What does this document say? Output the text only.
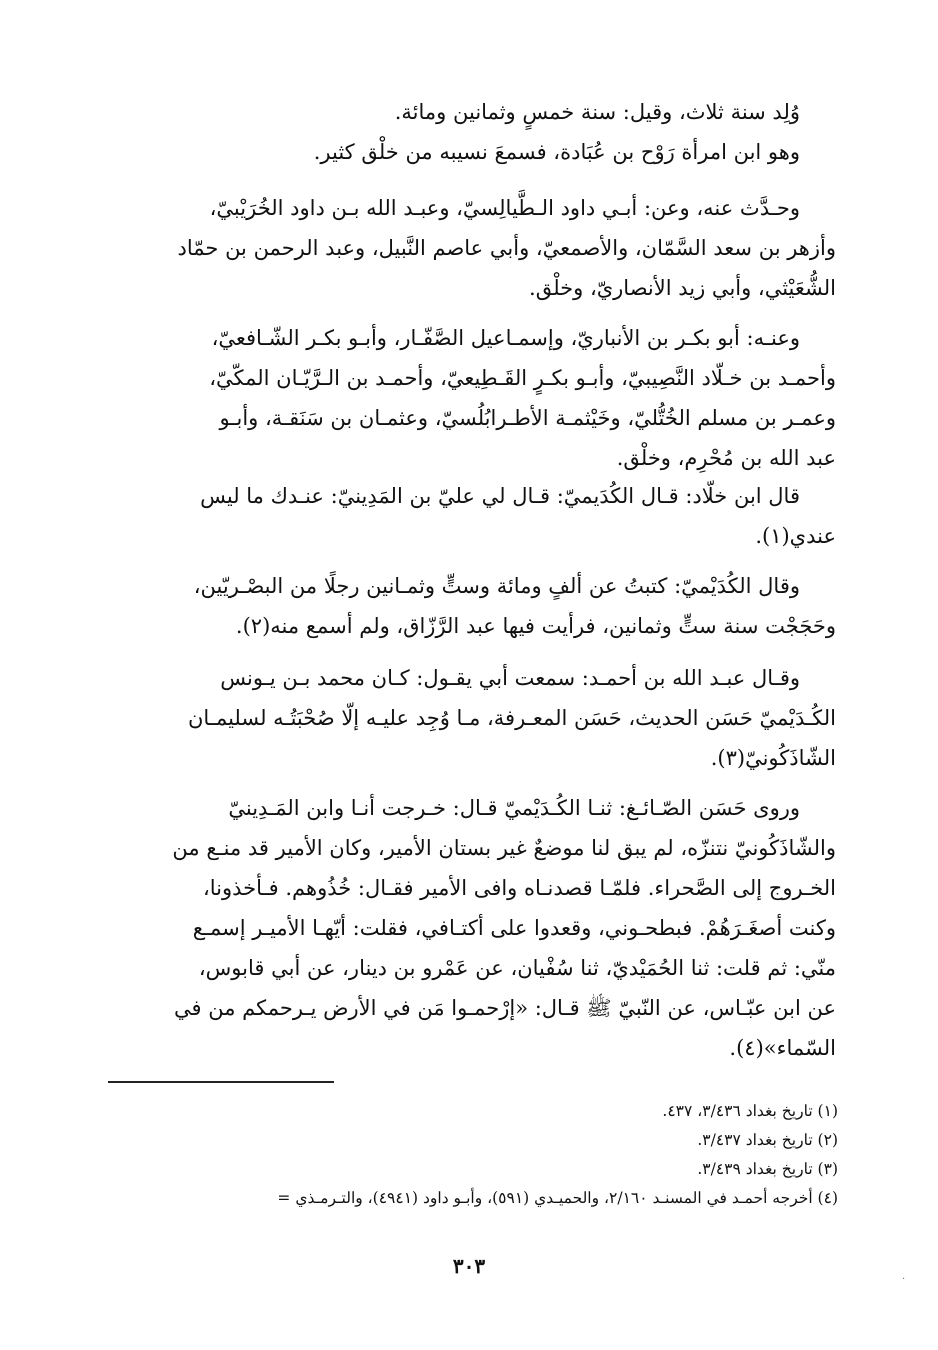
وُلِد سنة ثلاث، وقيل: سنة خمسٍ وثمانين ومائة.
وهو ابن امرأة رَوْح بن عُبَادة، فسمعَ نسيبه من خلْق كثير.
وحـدَّث عنه، وعن: أبـي داود الـطَّيالِسيّ، وعبـد الله بـن داود الخُرَيْبيّ،
وأزهر بن سعد السَّمّان، والأصمعيّ، وأبي عاصم النَّبيل، وعبد الرحمن بن حمّاد
الشُّعَيْثي، وأبي زيد الأنصاريّ، وخلْق.
وعنـه: أبو بكـر بن الأنباريّ، وإسمـاعيل الصَّفّـار، وأبـو بكـر الشّـافعيّ،
وأحمـد بن خـلّاد النَّصِيبيّ، وأبـو بكـرٍ القَـطِيعيّ، وأحمـد بن الـرَّيّـان المكّيّ،
وعمـر بن مسلم الخُتُّليّ، وخَيْثمـة الأطـرابُلُسيّ، وعثمـان بن سَنَقـة، وأبـو
عبد الله بن مُحْرِم، وخلْق.
قال ابن خلّاد: قـال الكُدَيميّ: قـال لي عليّ بن المَدِينيّ: عنـدك ما ليس
عندي(١).
وقال الكُدَيْميّ: كتبتُ عن ألفٍ ومائة وستٍّ وثمـانين رجلًا من البصْـريّين،
وحَجَجْت سنة ستٍّ وثمانين، فرأيت فيها عبد الرَّزّاق، ولم أسمع منه(٢).
وقـال عبـد الله بن أحمـد: سمعت أبي يقـول: كـان محمد بـن يـونس
الكُـدَيْميّ حَسَن الحديث، حَسَن المعـرفة، مـا وُجِد عليـه إلّا صُحْبَتُـه لسليمـان
الشّاذَكُونيّ(٣).
وروى حَسَن الصّـائـغ: ثنـا الكُـدَيْميّ قـال: خـرجت أنـا وابن المَـدِينيّ
والشّاذَكُونيّ نتنزّه، لم يبق لنا موضعٌ غير بستان الأمير، وكان الأمير قد منـع من
الخـروج إلى الصَّحراء. فلمّـا قصدنـاه وافى الأمير فقـال: خُذُوهم. فـأخذونا،
وكنت أصغَـرَهُمْ. فبطحـوني، وقعدوا على أكتـافي، فقلت: أيّهـا الأميـر إسمـع
منّي: ثم قلت: ثنا الحُمَيْديّ، ثنا سُفْيان، عن عَمْرو بن دينار، عن أبي قابوس،
عن ابن عبّـاس، عن النّبيّ ﷺ قـال: «إرْحمـوا مَن في الأرض يـرحمكم من في
السّماء»(٤).
(١) تاريخ بغداد ٣/٤٣٦، ٤٣٧.
(٢) تاريخ بغداد ٣/٤٣٧.
(٣) تاريخ بغداد ٣/٤٣٩.
(٤) أخرجه أحمـد في المسنـد ٢/١٦٠، والحميـدي (٥٩١)، وأبـو داود (٤٩٤١)، والتـرمـذي =
٣٠٣
·
